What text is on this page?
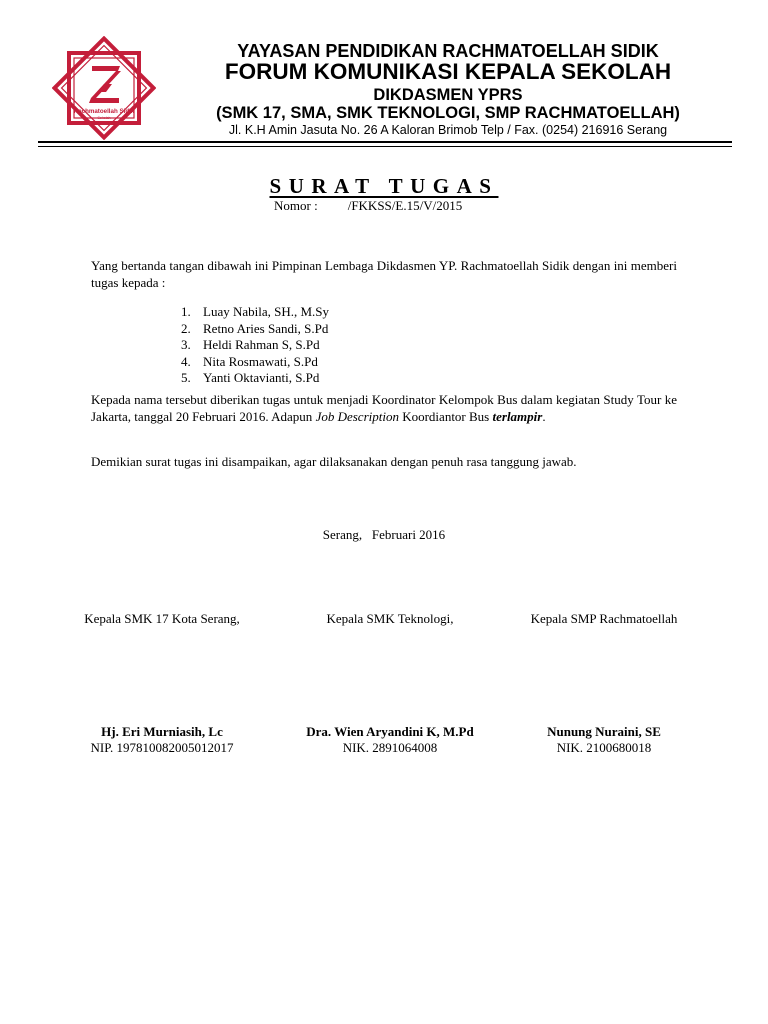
Rachmatoellah Sidik
Sekolah
YAYASAN PENDIDIKAN RACHMATOELLAH SIDIK
FORUM KOMUNIKASI KEPALA SEKOLAH
DIKDASMEN YPRS
(SMK 17, SMA, SMK TEKNOLOGI, SMP RACHMATOELLAH)
Jl. K.H Amin Jasuta No. 26 A Kaloran Brimob Telp / Fax. (0254) 216916 Serang
SURAT TUGAS
Nomor : /FKKSS/E.15/V/2015
Yang bertanda tangan dibawah ini Pimpinan Lembaga Dikdasmen YP. Rachmatoellah Sidik dengan ini memberi tugas kepada :
1. Luay Nabila, SH., M.Sy
2. Retno Aries Sandi, S.Pd
3. Heldi Rahman S, S.Pd
4. Nita Rosmawati, S.Pd
5. Yanti Oktavianti, S.Pd
Kepada nama tersebut diberikan tugas untuk menjadi Koordinator Kelompok Bus dalam kegiatan Study Tour ke Jakarta, tanggal 20 Februari 2016. Adapun Job Description Koordiantor Bus terlampir.
Demikian surat tugas ini disampaikan, agar dilaksanakan dengan penuh rasa tanggung jawab.
Serang,   Februari 2016
Kepala SMK 17 Kota Serang,	Kepala SMK Teknologi,	Kepala SMP Rachmatoellah
Hj. Eri Murniasih, Lc	Dra. Wien Aryandini K, M.Pd	Nunung Nuraini, SE
NIP. 197810082005012017	NIK. 2891064008	NIK. 2100680018
